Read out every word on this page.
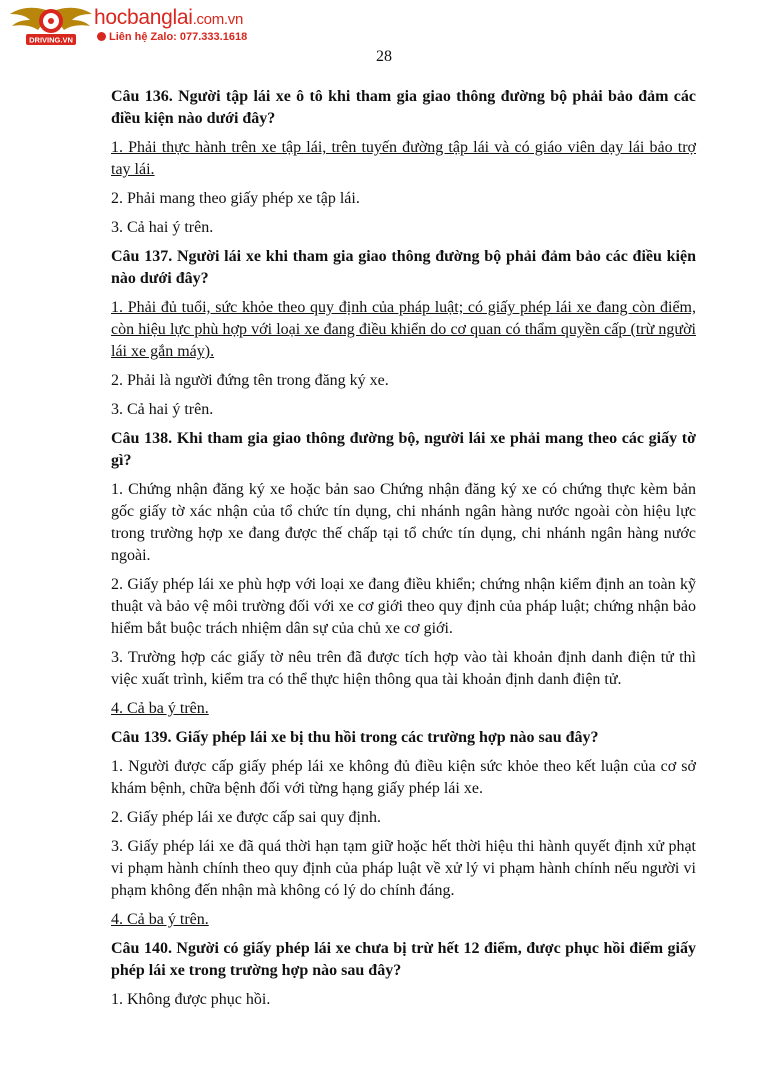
DRIVING.VN
hocbanglai.com.vn
Liên hệ Zalo: 077.333.1618
28

Câu 136. Người tập lái xe ô tô khi tham gia giao thông đường bộ phải bảo đảm các điều kiện nào dưới đây?

1. Phải thực hành trên xe tập lái, trên tuyến đường tập lái và có giáo viên dạy lái bảo trợ tay lái.

2. Phải mang theo giấy phép xe tập lái.

3. Cả hai ý trên.

Câu 137. Người lái xe khi tham gia giao thông đường bộ phải đảm bảo các điều kiện nào dưới đây?

1. Phải đủ tuổi, sức khỏe theo quy định của pháp luật; có giấy phép lái xe đang còn điểm, còn hiệu lực phù hợp với loại xe đang điều khiển do cơ quan có thẩm quyền cấp (trừ người lái xe gắn máy).

2. Phải là người đứng tên trong đăng ký xe.

3. Cả hai ý trên.

Câu 138. Khi tham gia giao thông đường bộ, người lái xe phải mang theo các giấy tờ gì?

1. Chứng nhận đăng ký xe hoặc bản sao Chứng nhận đăng ký xe có chứng thực kèm bản gốc giấy tờ xác nhận của tổ chức tín dụng, chi nhánh ngân hàng nước ngoài còn hiệu lực trong trường hợp xe đang được thế chấp tại tổ chức tín dụng, chi nhánh ngân hàng nước ngoài.

2. Giấy phép lái xe phù hợp với loại xe đang điều khiển; chứng nhận kiểm định an toàn kỹ thuật và bảo vệ môi trường đối với xe cơ giới theo quy định của pháp luật; chứng nhận bảo hiểm bắt buộc trách nhiệm dân sự của chủ xe cơ giới.

3. Trường hợp các giấy tờ nêu trên đã được tích hợp vào tài khoản định danh điện tử thì việc xuất trình, kiểm tra có thể thực hiện thông qua tài khoản định danh điện tử.

4. Cả ba ý trên.

Câu 139. Giấy phép lái xe bị thu hồi trong các trường hợp nào sau đây?

1. Người được cấp giấy phép lái xe không đủ điều kiện sức khỏe theo kết luận của cơ sở khám bệnh, chữa bệnh đối với từng hạng giấy phép lái xe.

2. Giấy phép lái xe được cấp sai quy định.

3. Giấy phép lái xe đã quá thời hạn tạm giữ hoặc hết thời hiệu thi hành quyết định xử phạt vi phạm hành chính theo quy định của pháp luật về xử lý vi phạm hành chính nếu người vi phạm không đến nhận mà không có lý do chính đáng.

4. Cả ba ý trên.

Câu 140. Người có giấy phép lái xe chưa bị trừ hết 12 điểm, được phục hồi điểm giấy phép lái xe trong trường hợp nào sau đây?

1. Không được phục hồi.
